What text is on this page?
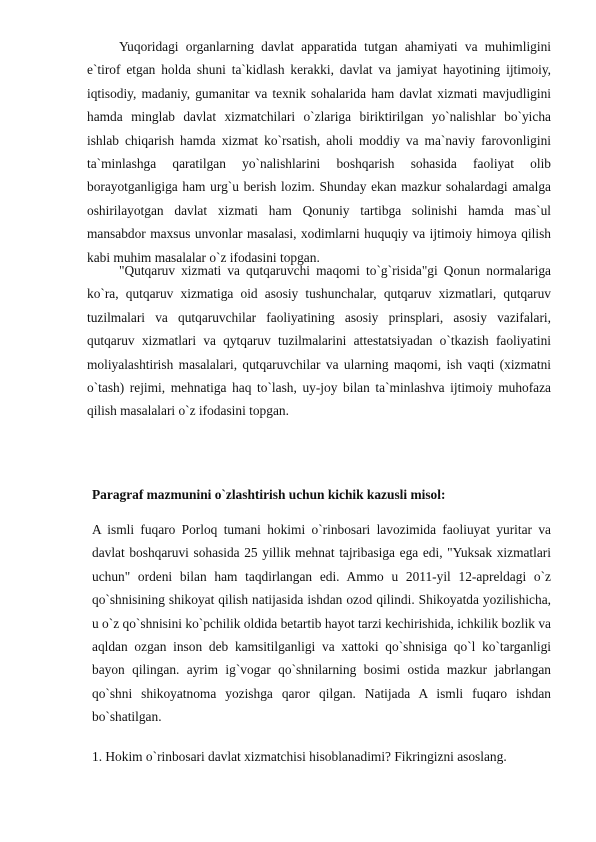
Yuqoridagi organlarning davlat apparatida tutgan ahamiyati va muhimligini e`tirof etgan holda shuni ta`kidlash kerakki, davlat va jamiyat hayotining ijtimoiy, iqtisodiy, madaniy, gumanitar va texnik sohalarida ham davlat xizmati mavjudligini hamda minglab davlat xizmatchilari o`zlariga biriktirilgan yo`nalishlar bo`yicha ishlab chiqarish hamda xizmat ko`rsatish, aholi moddiy va ma`naviy farovonligini ta`minlashga qaratilgan yo`nalishlarini boshqarish sohasida faoliyat olib borayotganligiga ham urg`u berish lozim. Shunday ekan mazkur sohalardagi amalga oshirilayotgan davlat xizmati ham Qonuniy tartibga solinishi hamda mas`ul mansabdor maxsus unvonlar masalasi, xodimlarni huquqiy va ijtimoiy himoya qilish kabi muhim masalalar o`z ifodasini topgan.

"Qutqaruv xizmati va qutqaruvchi maqomi to`g`risida"gi Qonun normalariga ko`ra, qutqaruv xizmatiga oid asosiy tushunchalar, qutqaruv xizmatlari, qutqaruv tuzilmalari va qutqaruvchilar faoliyatining asosiy prinsplari, asosiy vazifalari, qutqaruv xizmatlari va qytqaruv tuzilmalarini attestatsiyadan o`tkazish faoliyatini moliyalashtirish masalalari, qutqaruvchilar va ularning maqomi, ish vaqti (xizmatni o`tash) rejimi, mehnatiga haq to`lash, uy-joy bilan ta`minlashva ijtimoiy muhofaza qilish masalalari o`z ifodasini topgan.

Paragraf mazmunini o`zlashtirish uchun kichik kazusli misol:

A ismli fuqaro Porloq tumani hokimi o`rinbosari lavozimida faoliuyat yuritar va davlat boshqaruvi sohasida 25 yillik mehnat tajribasiga ega edi, "Yuksak xizmatlari uchun" ordeni bilan ham taqdirlangan edi. Ammo u 2011-yil 12-apreldagi o`z qo`shnisining shikoyat qilish natijasida ishdan ozod qilindi. Shikoyatda yozilishicha, u o`z qo`shnisini ko`pchilik oldida betartib hayot tarzi kechirishida, ichkilik bozlik va aqldan ozgan inson deb kamsitilganligi va xattoki qo`shnisiga qo`l ko`targanligi bayon qilingan. ayrim ig`vogar qo`shnilarning bosimi ostida mazkur jabrlangan qo`shni shikoyatnoma yozishga qaror qilgan. Natijada A ismli fuqaro ishdan bo`shatilgan.

1. Hokim o`rinbosari davlat xizmatchisi hisoblanadimi? Fikringizni asoslang.
